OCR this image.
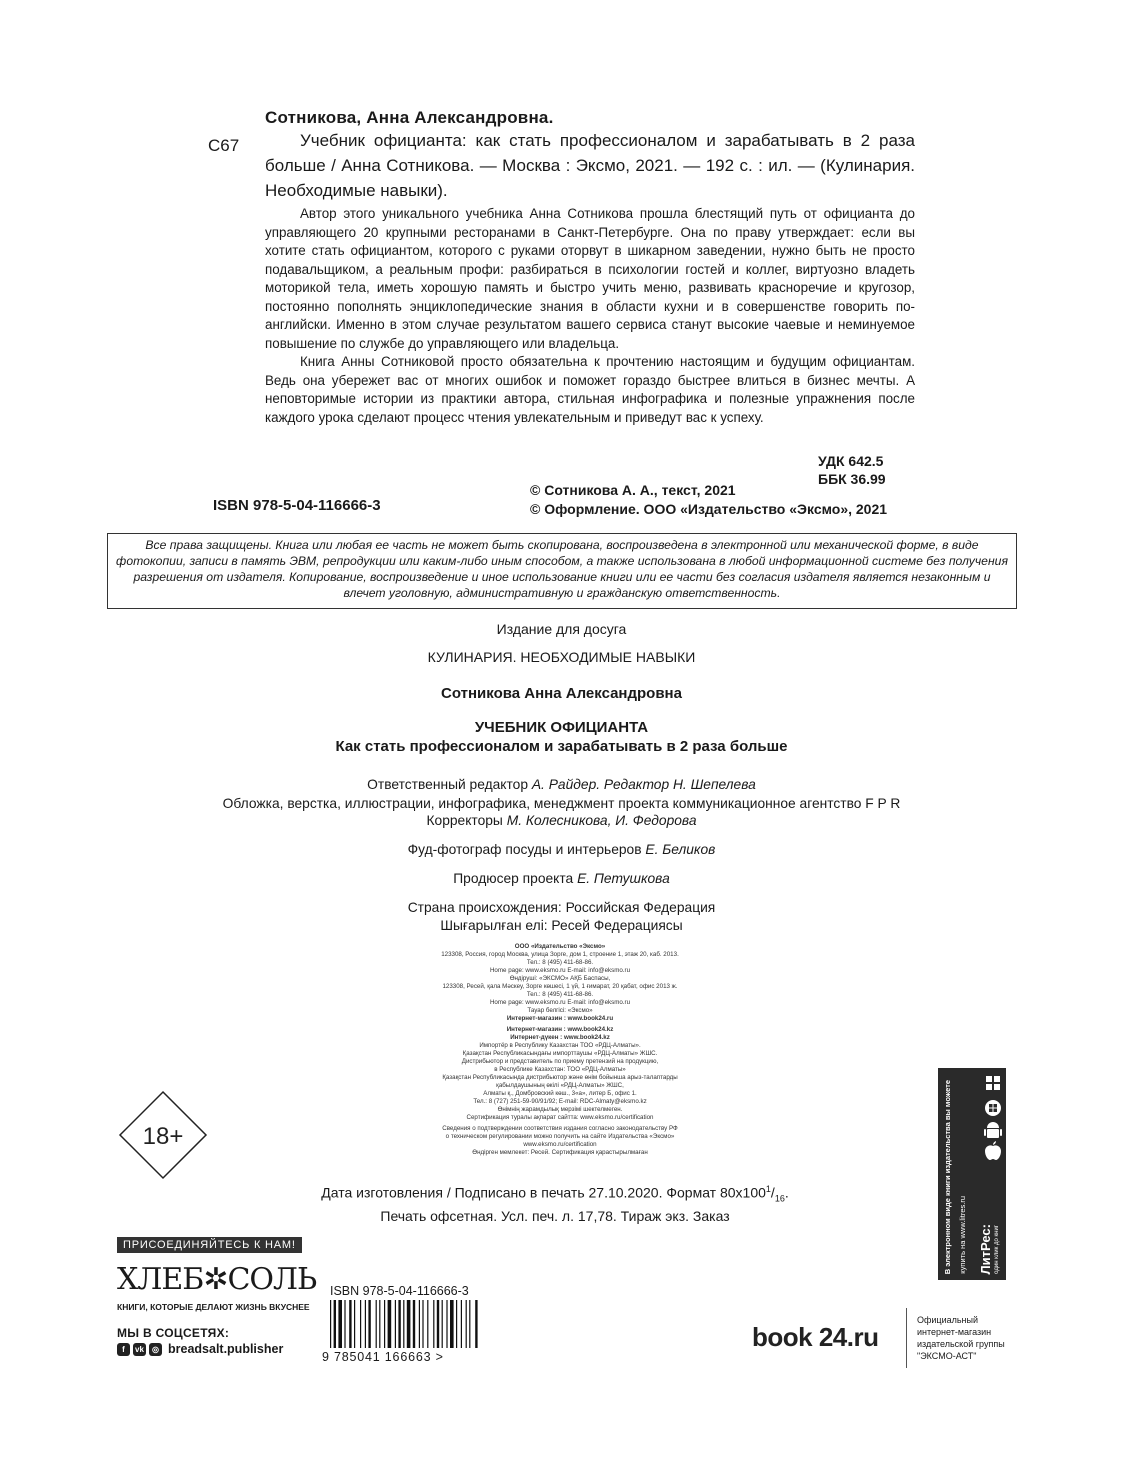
Сотникова, Анна Александровна.
С67	Учебник официанта: как стать профессионалом и зарабатывать в 2 раза больше / Анна Сотникова. — Москва : Эксмо, 2021. — 192 с. : ил. — (Кулинария. Необходимые навыки).

Автор этого уникального учебника Анна Сотникова прошла блестящий путь от официанта до управляющего 20 крупными ресторанами в Санкт-Петербурге. Она по праву утверждает: если вы хотите стать официантом, которого с руками оторвут в шикарном заведении, нужно быть не просто подавальщиком, а реальным профи: разбираться в психологии гостей и коллег, виртуозно владеть моторикой тела, иметь хорошую память и быстро учить меню, развивать красноречие и кругозор, постоянно пополнять энциклопедические знания в области кухни и в совершенстве говорить по-английски. Именно в этом случае результатом вашего сервиса станут высокие чаевые и неминуемое повышение по службе до управляющего или владельца.

Книга Анны Сотниковой просто обязательна к прочтению настоящим и будущим официантам. Ведь она убережет вас от многих ошибок и поможет гораздо быстрее влиться в бизнес мечты. А неповторимые истории из практики автора, стильная инфографика и полезные упражнения после каждого урока сделают процесс чтения увлекательным и приведут вас к успеху.

УДК 642.5
ББК 36.99
© Сотникова А. А., текст, 2021
© Оформление. ООО «Издательство «Эксмо», 2021
ISBN 978-5-04-116666-3
Все права защищены. Книга или любая ее часть не может быть скопирована, воспроизведена в электронной или механической форме, в виде фотокопии, записи в память ЭВМ, репродукции или каким-либо иным способом, а также использована в любой информационной системе без получения разрешения от издателя. Копирование, воспроизведение и иное использование книги или ее части без согласия издателя является незаконным и влечет уголовную, административную и гражданскую ответственность.
Издание для досуга
КУЛИНАРИЯ. НЕОБХОДИМЫЕ НАВЫКИ
Сотникова Анна Александровна
УЧЕБНИК ОФИЦИАНТА
Как стать профессионалом и зарабатывать в 2 раза больше
Ответственный редактор А. Райдер. Редактор Н. Шепелева
Обложка, верстка, иллюстрации, инфографика, менеджмент проекта коммуникационное агентство F P R
Корректоры М. Колесникова, И. Федорова
Фуд-фотограф посуды и интерьеров Е. Беликов
Продюсер проекта Е. Петушкова
Страна происхождения: Российская Федерация
Шығарылған елі: Ресей Федерациясы
ООО «Издательство «Эксмо»
123308, Россия, город Москва, улица Зорге, дом 1, строение 1, этаж 20, каб. 2013.
Тел.: 8 (495) 411-68-86.
Home page: www.eksmo.ru E-mail: info@eksmo.ru
Өндіруші: «ЭКСМО» АҚБ Баспасы,
123308, Ресей, қала Мәскеу, Зорге көшесі, 1 үй, 1 ғимарат, 20 қабат, офис 2013 ж.
Тел.: 8 (495) 411-68-86.
Home page: www.eksmo.ru E-mail: info@eksmo.ru
Тауар белгісі: «Эксмо»
Интернет-магазин : www.book24.ru
Интернет-магазин : www.book24.kz
Интернет-дүкен : www.book24.kz
Импортёр в Республику Казахстан ТОО «РДЦ-Алматы».
Қазақстан Республикасындағы импорттаушы «РДЦ-Алматы» ЖШС.
Дистрибьютор и представитель по приему претензий на продукцию,
в Республике Казахстан: ТОО «РДЦ-Алматы»
Қазақстан Республикасында дистрибьютор және өнім бойынша арыз-талаптарды
қабылдаушының өкілі «РДЦ-Алматы» ЖШС,
Алматы қ., Домбровский көш., 3«а», литер Б, офис 1.
Тел.: 8 (727) 251-59-90/91/92; E-mail: RDC-Almaty@eksmo.kz
Өнімнің жарамдылық мерзімі шектелмеген.
Сертификация туралы ақпарат сайтта: www.eksmo.ru/certification
Сведения о подтверждении соответствия издания согласно законодательству РФ
о техническом регулировании можно получить на сайте Издательства «Эксмо»
www.eksmo.ru/certification
Өндірген мемлекет: Ресей. Сертификация қарастырылмаған
18+
Дата изготовления / Подписано в печать 27.10.2020. Формат $80x100^1/_{16}$.
Печать офсетная. Усл. печ. л. 17,78. Тираж экз. Заказ
ПРИСОЕДИНЯЙТЕСЬ К НАМ!
ХЛЕБ✲СОЛЬ
КНИГИ, КОТОРЫЕ ДЕЛАЮТ ЖИЗНЬ ВКУСНЕЕ
МЫ В СОЦСЕТЯХ:
f	vk	◎ breadsalt.publisher
ISBN 978-5-04-116666-3
9 785041 166663 >
book 24.ru
Официальный
интернет-магазин
издательской группы
"ЭКСМО-АСТ"
В электронном виде книги издательства вы можете купить на www.litres.ru ЛитРес: один клик до книг
